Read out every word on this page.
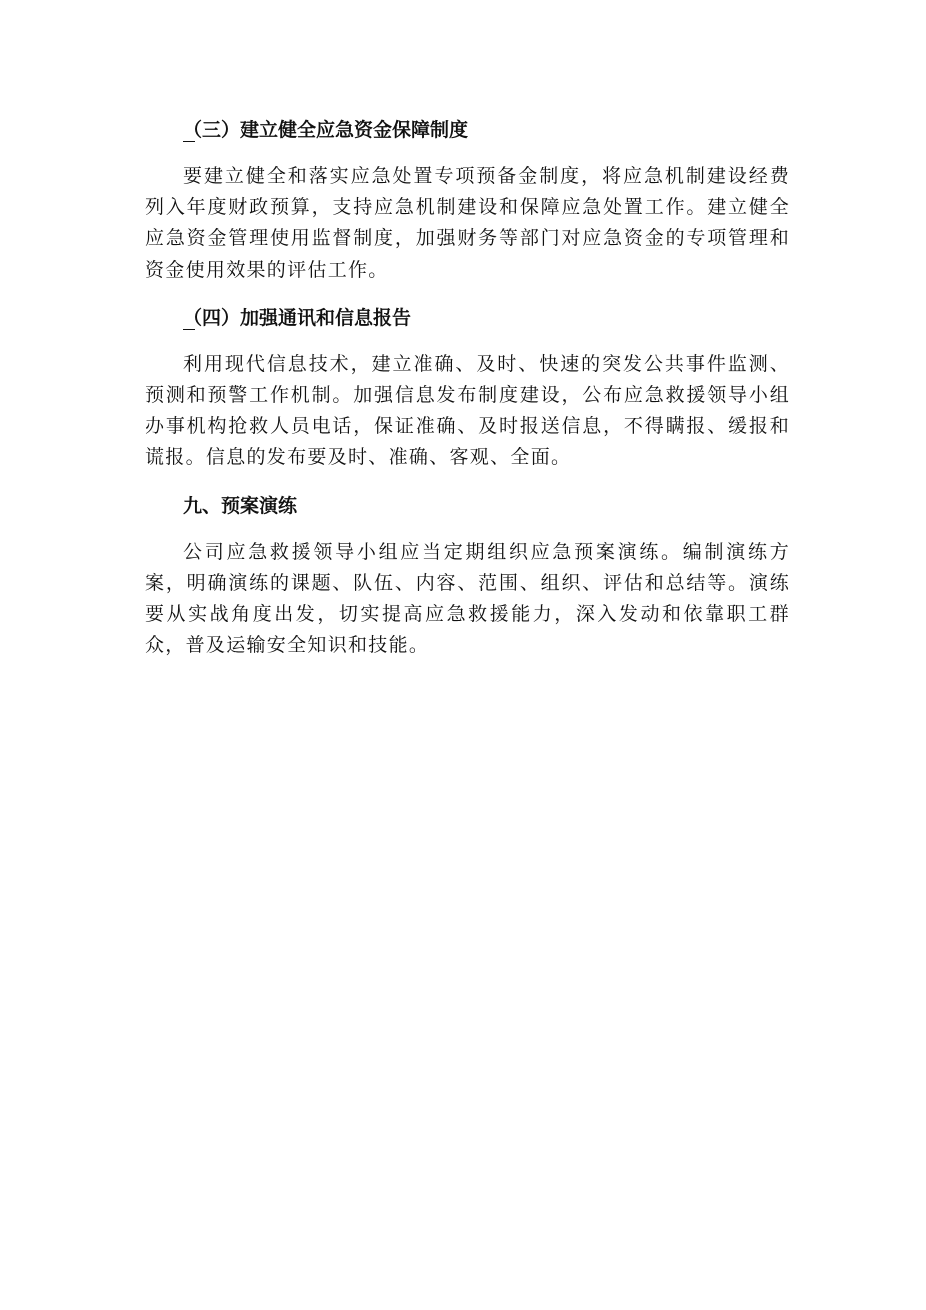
（三）建立健全应急资金保障制度

要建立健全和落实应急处置专项预备金制度，将应急机制建设经费列入年度财政预算，支持应急机制建设和保障应急处置工作。建立健全应急资金管理使用监督制度，加强财务等部门对应急资金的专项管理和资金使用效果的评估工作。

（四）加强通讯和信息报告

利用现代信息技术，建立准确、及时、快速的突发公共事件监测、预测和预警工作机制。加强信息发布制度建设，公布应急救援领导小组办事机构抢救人员电话，保证准确、及时报送信息，不得瞒报、缓报和谎报。信息的发布要及时、准确、客观、全面。

九、预案演练

公司应急救援领导小组应当定期组织应急预案演练。编制演练方案，明确演练的课题、队伍、内容、范围、组织、评估和总结等。演练要从实战角度出发，切实提高应急救援能力，深入发动和依靠职工群众，普及运输安全知识和技能。
